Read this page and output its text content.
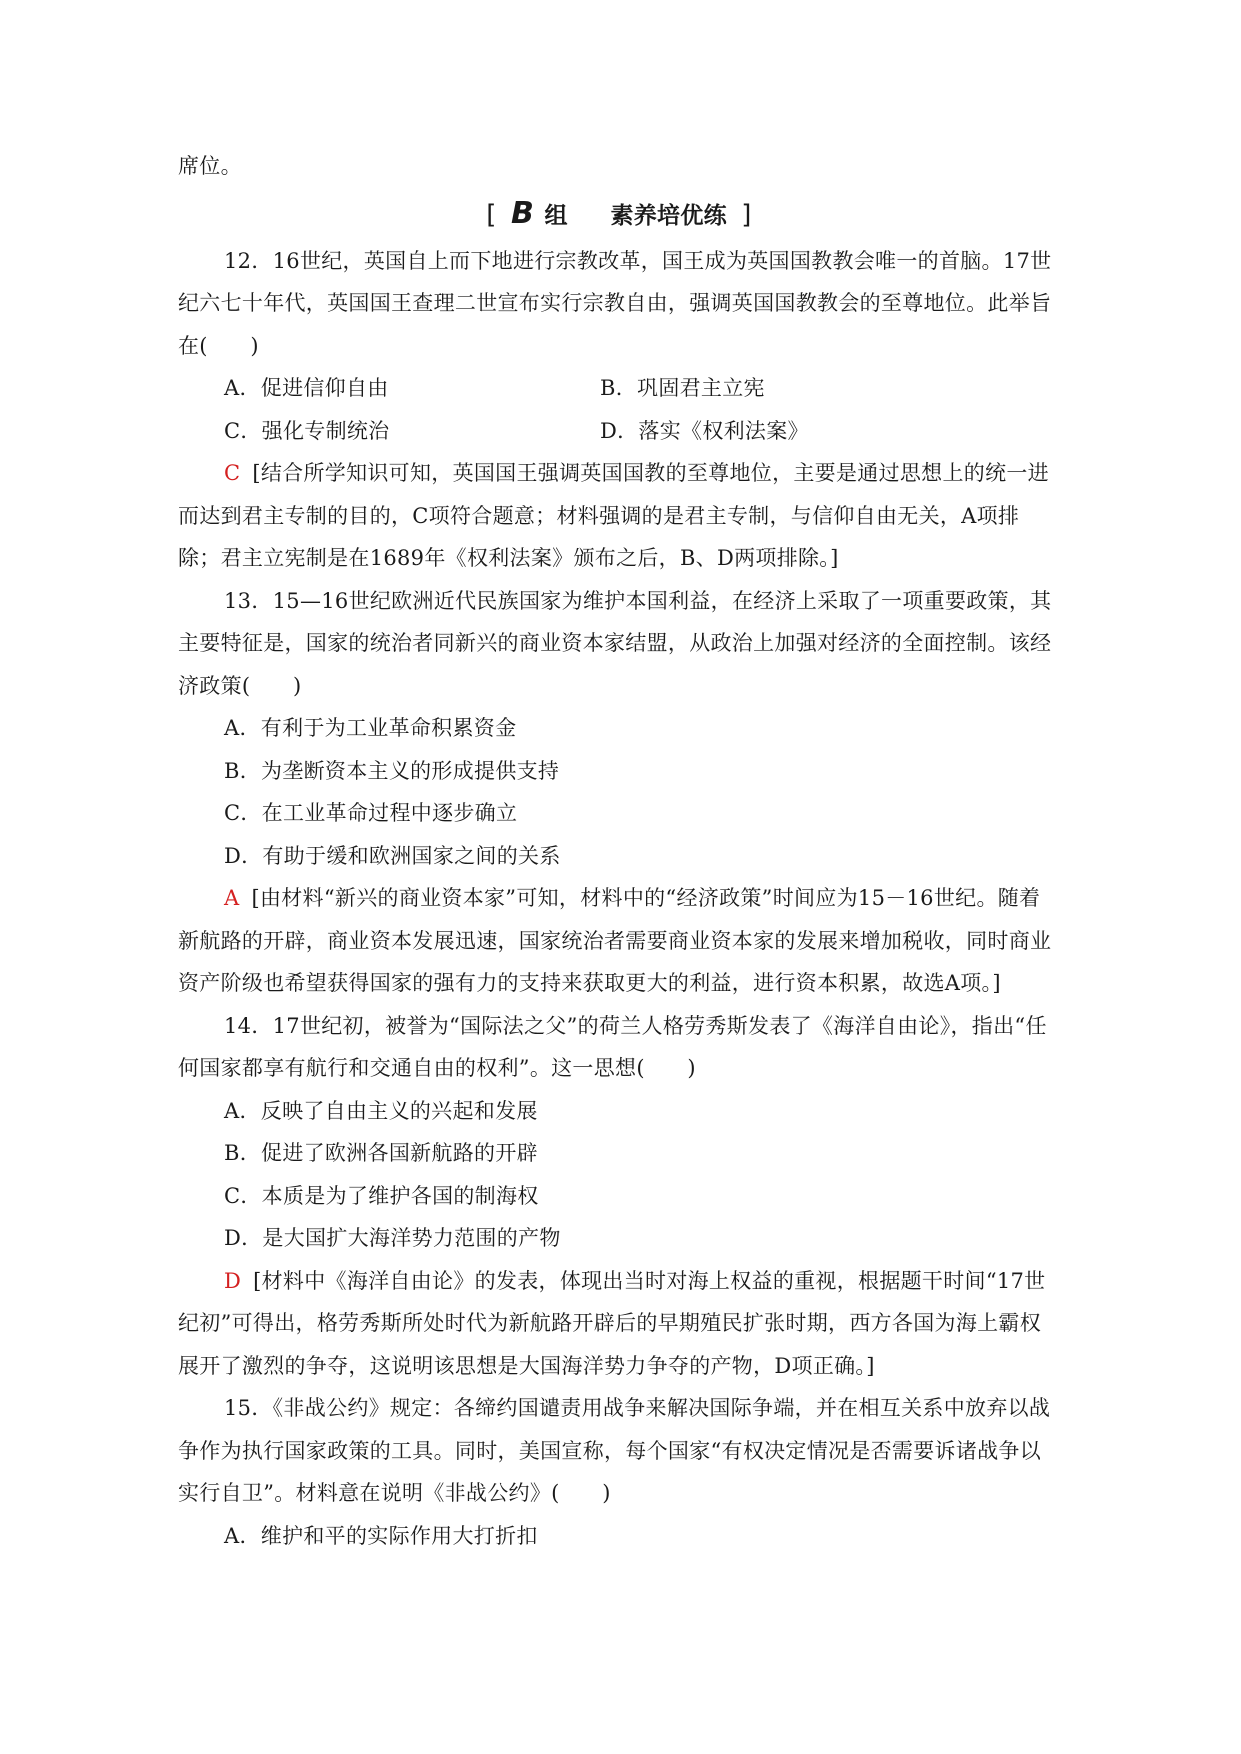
席位。

[ B 组 素养培优练 ]

12．16世纪，英国自上而下地进行宗教改革，国王成为英国国教教会唯一的首脑。17世纪六七十年代，英国国王查理二世宣布实行宗教自由，强调英国国教教会的至尊地位。此举旨在(　　)

A．促进信仰自由	B．巩固君主立宪
C．强化专制统治	D．落实《权利法案》

C [结合所学知识可知，英国国王强调英国国教的至尊地位，主要是通过思想上的统一进而达到君主专制的目的，C项符合题意；材料强调的是君主专制，与信仰自由无关，A项排除；君主立宪制是在1689年《权利法案》颁布之后，B、D两项排除。]

13．15—16世纪欧洲近代民族国家为维护本国利益，在经济上采取了一项重要政策，其主要特征是，国家的统治者同新兴的商业资本家结盟，从政治上加强对经济的全面控制。该经济政策(　　)

A．有利于为工业革命积累资金

B．为垄断资本主义的形成提供支持

C．在工业革命过程中逐步确立

D．有助于缓和欧洲国家之间的关系

A [由材料“新兴的商业资本家”可知，材料中的“经济政策”时间应为15－16世纪。随着新航路的开辟，商业资本发展迅速，国家统治者需要商业资本家的发展来增加税收，同时商业资产阶级也希望获得国家的强有力的支持来获取更大的利益，进行资本积累，故选A项。]

14．17世纪初，被誉为“国际法之父”的荷兰人格劳秀斯发表了《海洋自由论》，指出“任何国家都享有航行和交通自由的权利”。这一思想(　　)

A．反映了自由主义的兴起和发展

B．促进了欧洲各国新航路的开辟

C．本质是为了维护各国的制海权

D．是大国扩大海洋势力范围的产物

D [材料中《海洋自由论》的发表，体现出当时对海上权益的重视，根据题干时间“17世纪初”可得出，格劳秀斯所处时代为新航路开辟后的早期殖民扩张时期，西方各国为海上霸权展开了激烈的争夺，这说明该思想是大国海洋势力争夺的产物，D项正确。]

15．《非战公约》规定：各缔约国谴责用战争来解决国际争端，并在相互关系中放弃以战争作为执行国家政策的工具。同时，美国宣称，每个国家“有权决定情况是否需要诉诸战争以实行自卫”。材料意在说明《非战公约》(　　)

A．维护和平的实际作用大打折扣
